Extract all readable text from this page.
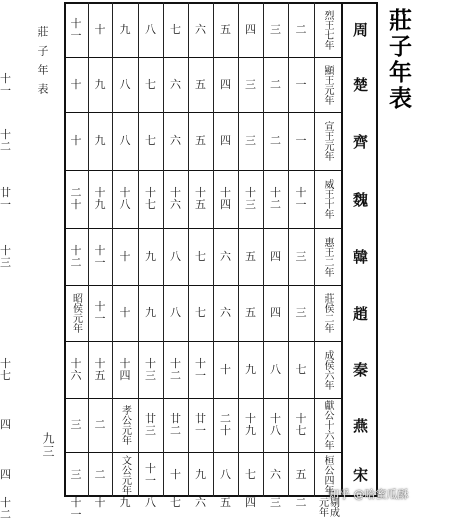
莊子年表
九三
莊子年表
周
楚
齊
魏
韓
趙
秦
燕
宋
知乎 @哈蜜瓜酥
烈王七年
二
三
四
五
六
七
八
九
十
十
一
顯王元年
一
二
三
四
五
六
七
八
九
十
十
一
宣王元年
一
二
三
四
五
六
七
八
九
十
十
二
威王十年
十
一
十
二
十
三
十
四
十
五
十
六
十
七
十
八
十
九
二
十
廿
一
惠王二年
三
四
五
六
七
八
九
十
十
一
十
二
十
三
莊侯二年
三
四
五
六
七
八
九
十
十
一
昭侯元年
成侯六年
七
八
九
十
十
一
十
二
十
三
十
四
十
五
十
六
十
七
獻公十六年
十
七
十
八
十
九
二
十
廿
一
廿
二
廿
三
孝公元年
二
三
四
桓公四年
五
六
七
八
九
十
十
一
文公元年
二
三
四
剔成元年
二
三
四
五
六
七
八
九
十
十
一
十
二
